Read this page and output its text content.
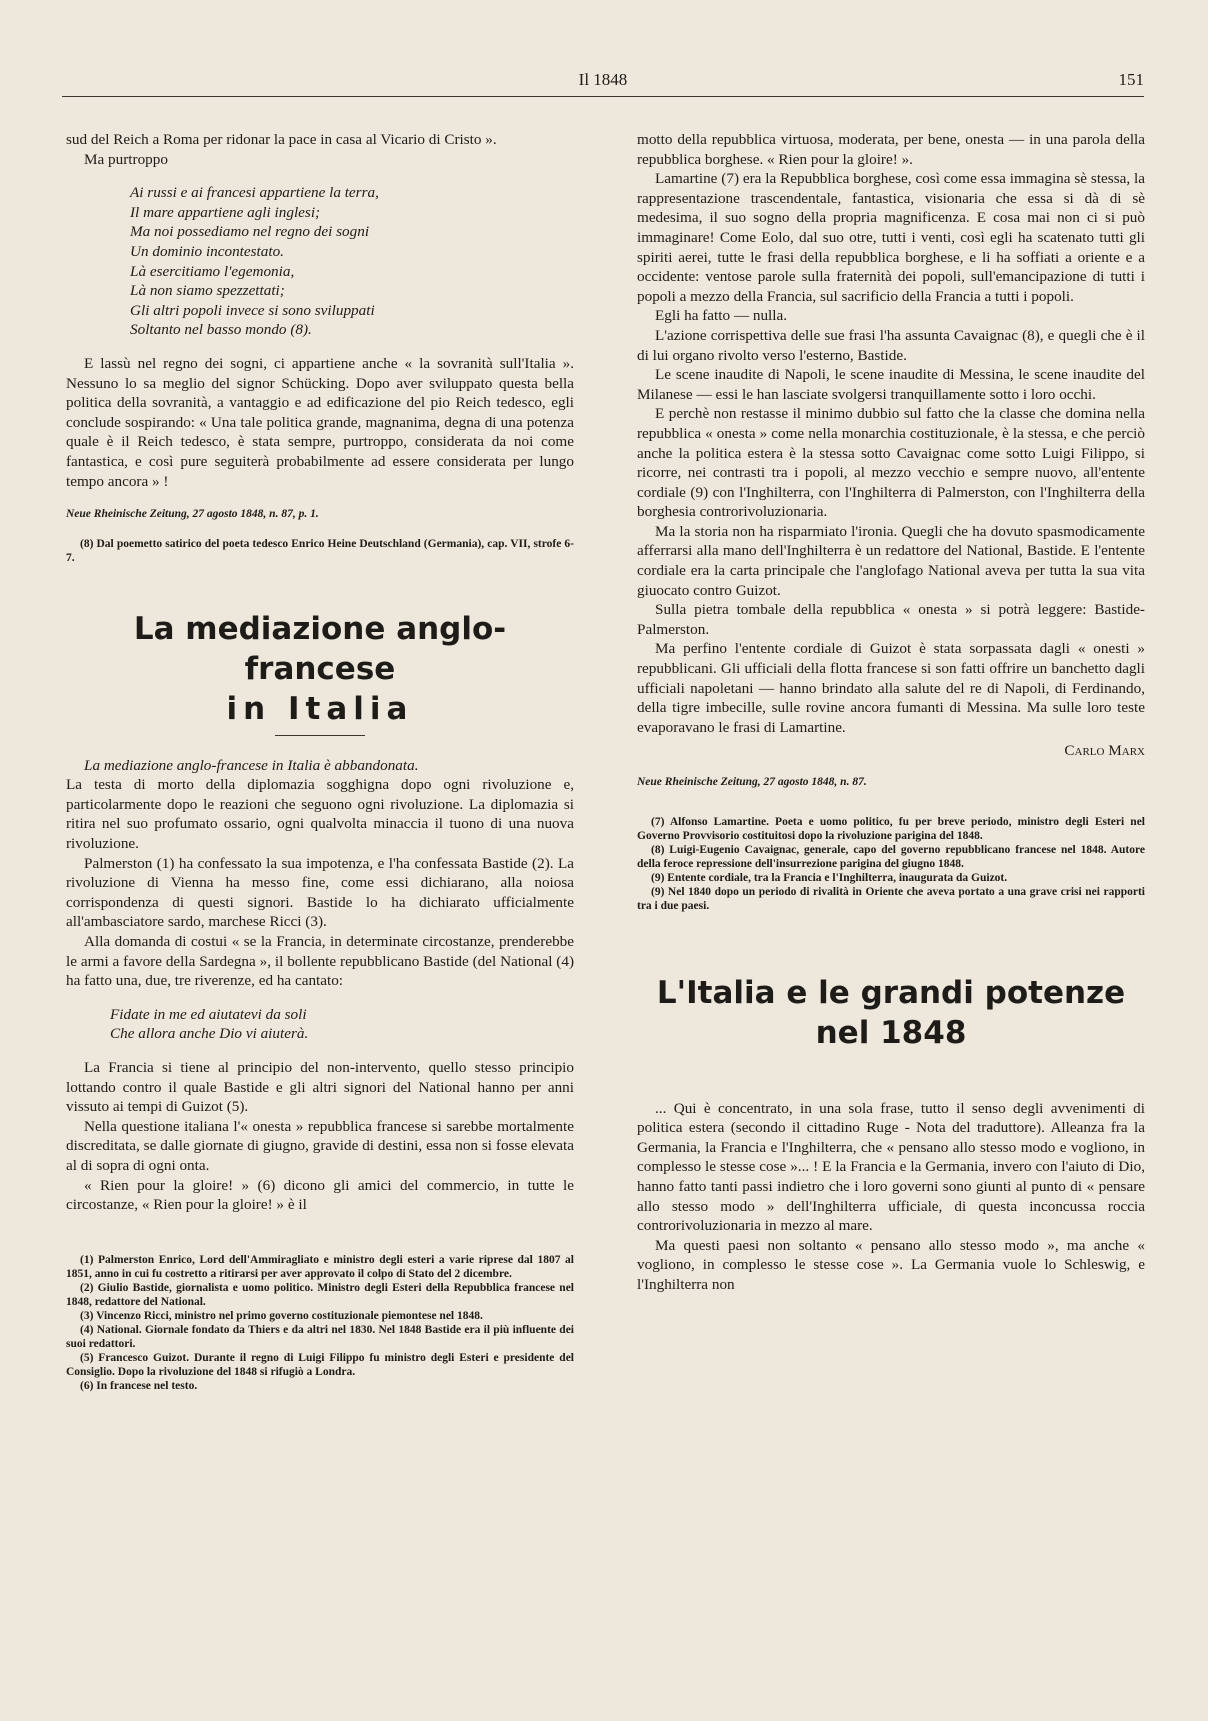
Il 1848	151

sud del Reich a Roma per ridonar la pace in casa al Vicario di Cristo ».

Ma purtroppo

Ai russi e ai francesi appartiene la terra,
Il mare appartiene agli inglesi;
Ma noi possediamo nel regno dei sogni
Un dominio incontestato.
Là esercitiamo l'egemonia,
Là non siamo spezzettati;
Gli altri popoli invece si sono sviluppati
Soltanto nel basso mondo (8).

E lassù nel regno dei sogni, ci appartiene anche « la sovranità sull'Italia ». Nessuno lo sa meglio del signor Schücking. Dopo aver sviluppato questa bella politica della sovranità, a vantaggio e ad edificazione del pio Reich tedesco, egli conclude sospirando: « Una tale politica grande, magnanima, degna di una potenza quale è il Reich tedesco, è stata sempre, purtroppo, considerata da noi come fantastica, e così pure seguiterà probabilmente ad essere considerata per lungo tempo ancora » !

Neue Rheinische Zeitung, 27 agosto 1848, n. 87, p. 1.

(8) Dal poemetto satirico del poeta tedesco Enrico Heine Deutschland (Germania), cap. VII, strofe 6-7.

La mediazione anglo-francese
in Italia

La mediazione anglo-francese in Italia è abbandonata.

La testa di morto della diplomazia sogghigna dopo ogni rivoluzione e, particolarmente dopo le reazioni che seguono ogni rivoluzione. La diplomazia si ritira nel suo profumato ossario, ogni qualvolta minaccia il tuono di una nuova rivoluzione.

Palmerston (1) ha confessato la sua impotenza, e l'ha confessata Bastide (2). La rivoluzione di Vienna ha messo fine, come essi dichiarano, alla noiosa corrispondenza di questi signori. Bastide lo ha dichiarato ufficialmente all'ambasciatore sardo, marchese Ricci (3).

Alla domanda di costui « se la Francia, in determinate circostanze, prenderebbe le armi a favore della Sardegna », il bollente repubblicano Bastide (del National (4) ha fatto una, due, tre riverenze, ed ha cantato:

Fidate in me ed aiutatevi da soli
Che allora anche Dio vi aiuterà.

La Francia si tiene al principio del non-intervento, quello stesso principio lottando contro il quale Bastide e gli altri signori del National hanno per anni vissuto ai tempi di Guizot (5).

Nella questione italiana l'« onesta » repubblica francese si sarebbe mortalmente discreditata, se dalle giornate di giugno, gravide di destini, essa non si fosse elevata al di sopra di ogni onta.

« Rien pour la gloire! » (6) dicono gli amici del commercio, in tutte le circostanze, « Rien pour la gloire! » è il

(1) Palmerston Enrico, Lord dell'Ammiragliato e ministro degli esteri a varie riprese dal 1807 al 1851, anno in cui fu costretto a ritirarsi per aver approvato il colpo di Stato del 2 dicembre.

(2) Giulio Bastide, giornalista e uomo politico. Ministro degli Esteri della Repubblica francese nel 1848, redattore del National.

(3) Vincenzo Ricci, ministro nel primo governo costituzionale piemontese nel 1848.

(4) National. Giornale fondato da Thiers e da altri nel 1830. Nel 1848 Bastide era il più influente dei suoi redattori.

(5) Francesco Guizot. Durante il regno di Luigi Filippo fu ministro degli Esteri e presidente del Consiglio. Dopo la rivoluzione del 1848 si rifugiò a Londra.

(6) In francese nel testo.

motto della repubblica virtuosa, moderata, per bene, onesta — in una parola della repubblica borghese. « Rien pour la gloire! ».

Lamartine (7) era la Repubblica borghese, così come essa immagina sè stessa, la rappresentazione trascendentale, fantastica, visionaria che essa si dà di sè medesima, il suo sogno della propria magnificenza. E cosa mai non ci si può immaginare! Come Eolo, dal suo otre, tutti i venti, così egli ha scatenato tutti gli spiriti aerei, tutte le frasi della repubblica borghese, e li ha soffiati a oriente e a occidente: ventose parole sulla fraternità dei popoli, sull'emancipazione di tutti i popoli a mezzo della Francia, sul sacrificio della Francia a tutti i popoli.

Egli ha fatto — nulla.

L'azione corrispettiva delle sue frasi l'ha assunta Cavaignac (8), e quegli che è il di lui organo rivolto verso l'esterno, Bastide.

Le scene inaudite di Napoli, le scene inaudite di Messina, le scene inaudite del Milanese — essi le han lasciate svolgersi tranquillamente sotto i loro occhi.

E perchè non restasse il minimo dubbio sul fatto che la classe che domina nella repubblica « onesta » come nella monarchia costituzionale, è la stessa, e che perciò anche la politica estera è la stessa sotto Cavaignac come sotto Luigi Filippo, si ricorre, nei contrasti tra i popoli, al mezzo vecchio e sempre nuovo, all'entente cordiale (9) con l'Inghilterra, con l'Inghilterra di Palmerston, con l'Inghilterra della borghesia controrivoluzionaria.

Ma la storia non ha risparmiato l'ironia. Quegli che ha dovuto spasmodicamente afferrarsi alla mano dell'Inghilterra è un redattore del National, Bastide. E l'entente cordiale era la carta principale che l'anglofago National aveva per tutta la sua vita giuocato contro Guizot.

Sulla pietra tombale della repubblica « onesta » si potrà leggere: Bastide-Palmerston.

Ma perfino l'entente cordiale di Guizot è stata sorpassata dagli « onesti » repubblicani. Gli ufficiali della flotta francese si son fatti offrire un banchetto dagli ufficiali napoletani — hanno brindato alla salute del re di Napoli, di Ferdinando, della tigre imbecille, sulle rovine ancora fumanti di Messina. Ma sulle loro teste evaporavano le frasi di Lamartine.

Carlo Marx
Neue Rheinische Zeitung, 27 agosto 1848, n. 87.

(7) Alfonso Lamartine. Poeta e uomo politico, fu per breve periodo, ministro degli Esteri nel Governo Provvisorio costituitosi dopo la rivoluzione parigina del 1848.

(8) Luigi-Eugenio Cavaignac, generale, capo del governo repubblicano francese nel 1848. Autore della feroce repressione dell'insurrezione parigina del giugno 1848.

(9) Entente cordiale, tra la Francia e l'Inghilterra, inaugurata da Guizot.

(9) Nel 1840 dopo un periodo di rivalità in Oriente che aveva portato a una grave crisi nei rapporti tra i due paesi.

L'Italia e le grandi potenze
nel 1848

... Qui è concentrato, in una sola frase, tutto il senso degli avvenimenti di politica estera (secondo il cittadino Ruge - Nota del traduttore). Alleanza fra la Germania, la Francia e l'Inghilterra, che « pensano allo stesso modo e vogliono, in complesso le stesse cose »... ! E la Francia e la Germania, invero con l'aiuto di Dio, hanno fatto tanti passi indietro che i loro governi sono giunti al punto di « pensare allo stesso modo » dell'Inghilterra ufficiale, di questa inconcussa roccia controrivoluzionaria in mezzo al mare.

Ma questi paesi non soltanto « pensano allo stesso modo », ma anche « vogliono, in complesso le stesse cose ». La Germania vuole lo Schleswig, e l'Inghilterra non
